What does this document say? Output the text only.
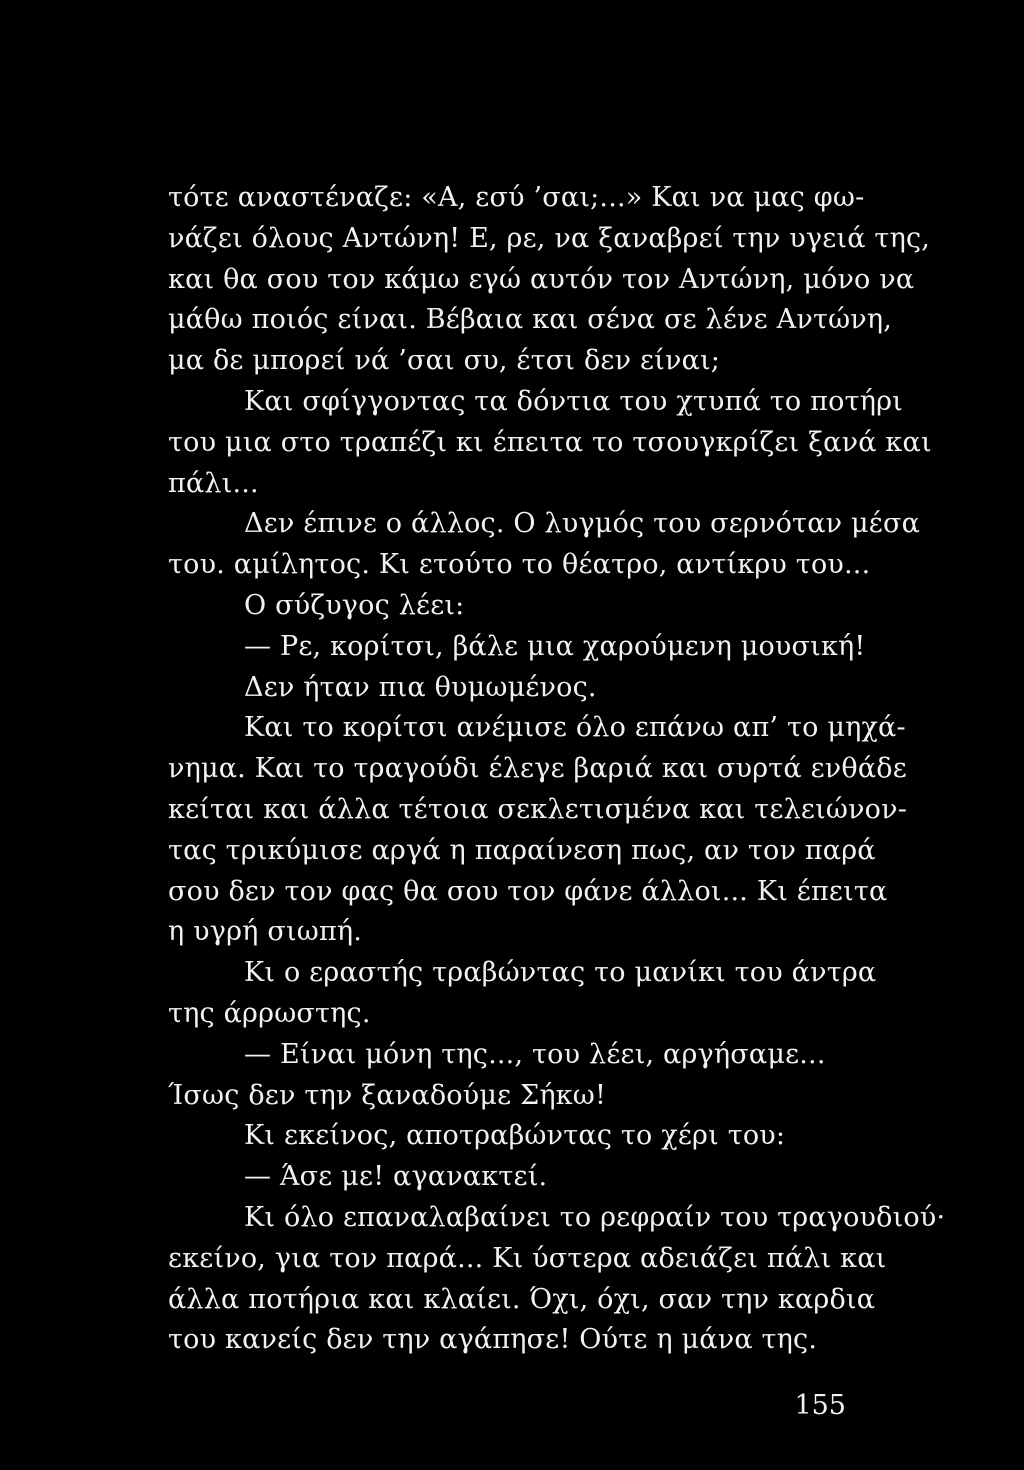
τότε αναστέναζε: «Α, εσύ ’σαι;...» Και να μας φω-
νάζει όλους Αντώνη! Ε, ρε, να ξαναβρεί την υγειά της,
και θα σου τον κάμω εγώ αυτόν τον Αντώνη, μόνο να
μάθω ποιός είναι. Βέβαια και σένα σε λένε Αντώνη,
μα δε μπορεί νά ’σαι συ, έτσι δεν είναι;
Και σφίγγοντας τα δόντια του χτυπά το ποτήρι
του μια στο τραπέζι κι έπειτα το τσουγκρίζει ξανά και
πάλι...
Δεν έπινε ο άλλος. Ο λυγμός του σερνόταν μέσα
του. αμίλητος. Κι ετούτο το θέατρο, αντίκρυ του...
Ο σύζυγος λέει:
— Ρε, κορίτσι, βάλε μια χαρούμενη μουσική!
Δεν ήταν πια θυμωμένος.
Και το κορίτσι ανέμισε όλο επάνω απ’ το μηχά-
νημα. Και το τραγούδι έλεγε βαριά και συρτά ενθάδε
κείται και άλλα τέτοια σεκλετισμένα και τελειώνον-
τας τρικύμισε αργά η παραίνεση πως, αν τον παρά
σου δεν τον φας θα σου τον φάνε άλλοι... Κι έπειτα
η υγρή σιωπή.
Κι ο εραστής τραβώντας το μανίκι του άντρα
της άρρωστης.
— Είναι μόνη της..., του λέει, αργήσαμε...
Ίσως δεν την ξαναδούμε Σήκω!
Κι εκείνος, αποτραβώντας το χέρι του:
— Άσε με! αγανακτεί.
Κι όλο επαναλαβαίνει το ρεφραίν του τραγουδιού·
εκείνο, για τον παρά... Κι ύστερα αδειάζει πάλι και
άλλα ποτήρια και κλαίει. Όχι, όχι, σαν την καρδια
του κανείς δεν την αγάπησε! Ούτε η μάνα της.
155
